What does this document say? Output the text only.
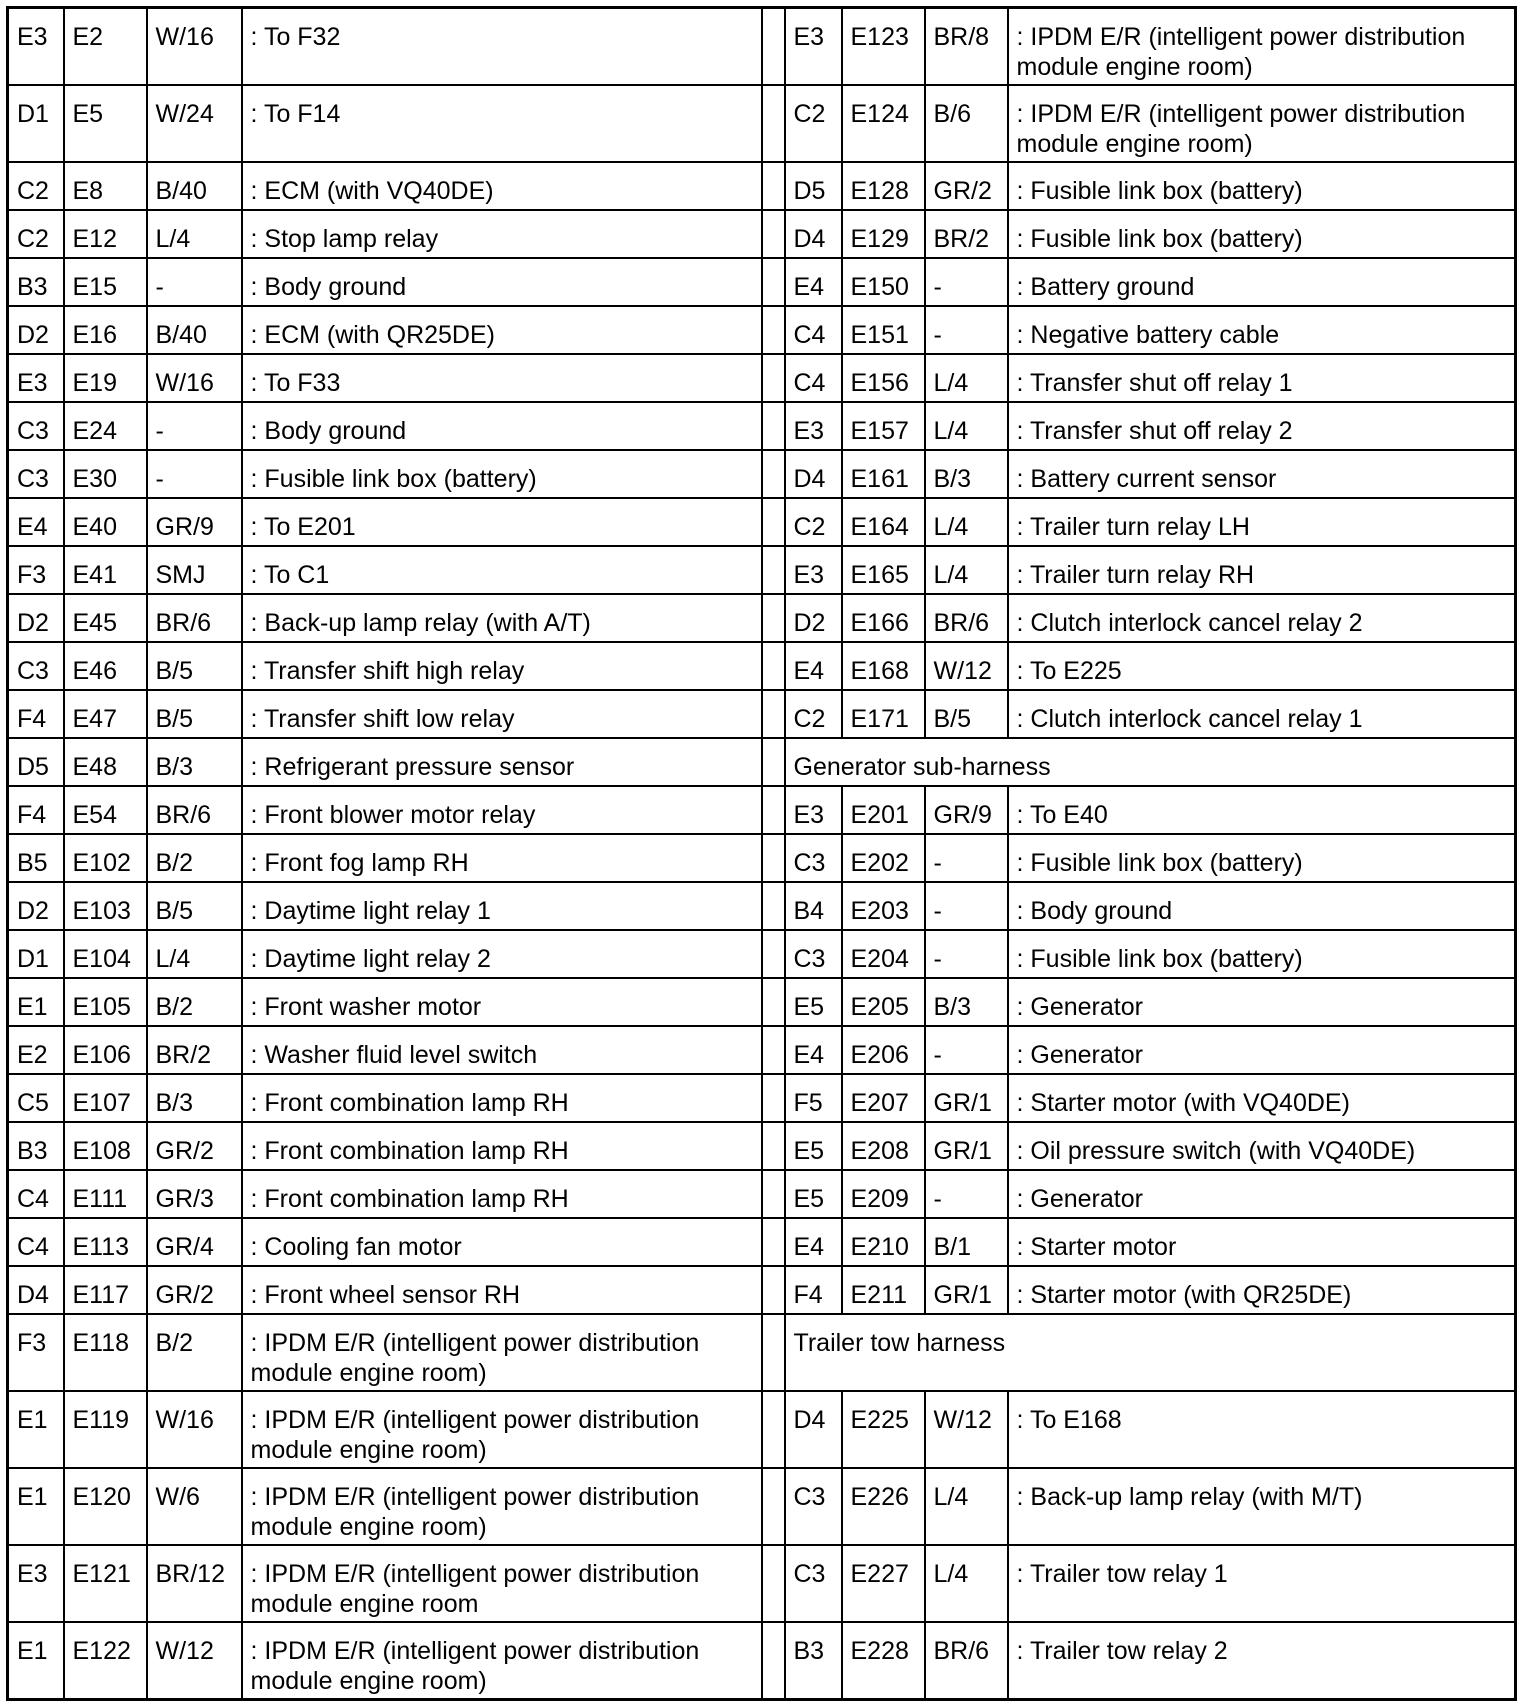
E3	E2	W/16	: To F32		E3	E123	BR/8	: IPDM E/R (intelligent power distribution module engine room)
D1	E5	W/24	: To F14		C2	E124	B/6	: IPDM E/R (intelligent power distribution module engine room)
C2	E8	B/40	: ECM (with VQ40DE)		D5	E128	GR/2	: Fusible link box (battery)
C2	E12	L/4	: Stop lamp relay		D4	E129	BR/2	: Fusible link box (battery)
B3	E15	-	: Body ground		E4	E150	-	: Battery ground
D2	E16	B/40	: ECM (with QR25DE)		C4	E151	-	: Negative battery cable
E3	E19	W/16	: To F33		C4	E156	L/4	: Transfer shut off relay 1
C3	E24	-	: Body ground		E3	E157	L/4	: Transfer shut off relay 2
C3	E30	-	: Fusible link box (battery)		D4	E161	B/3	: Battery current sensor
E4	E40	GR/9	: To E201		C2	E164	L/4	: Trailer turn relay LH
F3	E41	SMJ	: To C1		E3	E165	L/4	: Trailer turn relay RH
D2	E45	BR/6	: Back-up lamp relay (with A/T)		D2	E166	BR/6	: Clutch interlock cancel relay 2
C3	E46	B/5	: Transfer shift high relay		E4	E168	W/12	: To E225
F4	E47	B/5	: Transfer shift low relay		C2	E171	B/5	: Clutch interlock cancel relay 1
D5	E48	B/3	: Refrigerant pressure sensor		Generator sub-harness			
F4	E54	BR/6	: Front blower motor relay		E3	E201	GR/9	: To E40
B5	E102	B/2	: Front fog lamp RH		C3	E202	-	: Fusible link box (battery)
D2	E103	B/5	: Daytime light relay 1		B4	E203	-	: Body ground
D1	E104	L/4	: Daytime light relay 2		C3	E204	-	: Fusible link box (battery)
E1	E105	B/2	: Front washer motor		E5	E205	B/3	: Generator
E2	E106	BR/2	: Washer fluid level switch		E4	E206	-	: Generator
C5	E107	B/3	: Front combination lamp RH		F5	E207	GR/1	: Starter motor (with VQ40DE)
B3	E108	GR/2	: Front combination lamp RH		E5	E208	GR/1	: Oil pressure switch (with VQ40DE)
C4	E111	GR/3	: Front combination lamp RH		E5	E209	-	: Generator
C4	E113	GR/4	: Cooling fan motor		E4	E210	B/1	: Starter motor
D4	E117	GR/2	: Front wheel sensor RH		F4	E211	GR/1	: Starter motor (with QR25DE)
F3	E118	B/2	: IPDM E/R (intelligent power distribution module engine room)		Trailer tow harness			
E1	E119	W/16	: IPDM E/R (intelligent power distribution module engine room)		D4	E225	W/12	: To E168
E1	E120	W/6	: IPDM E/R (intelligent power distribution module engine room)		C3	E226	L/4	: Back-up lamp relay (with M/T)
E3	E121	BR/12	: IPDM E/R (intelligent power distribution module engine room		C3	E227	L/4	: Trailer tow relay 1
E1	E122	W/12	: IPDM E/R (intelligent power distribution module engine room)		B3	E228	BR/6	: Trailer tow relay 2
